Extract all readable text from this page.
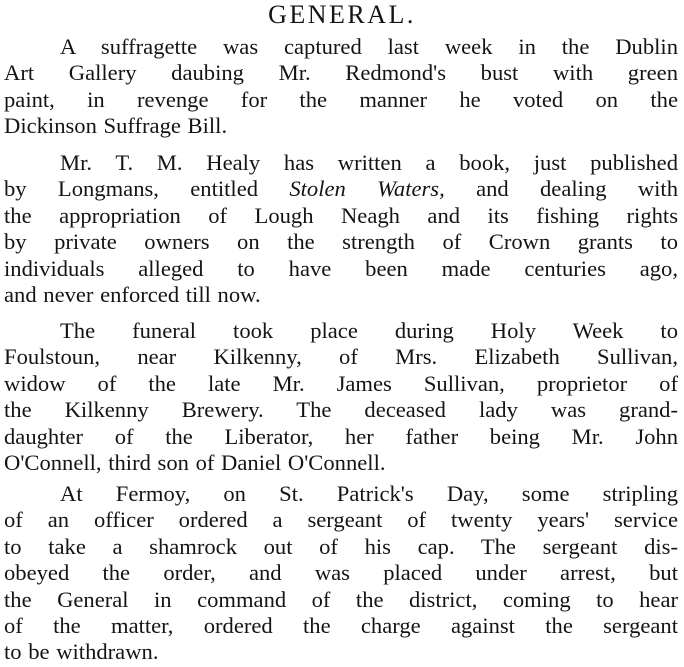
GENERAL.

A suffragette was captured last week in the Dublin
Art Gallery daubing Mr. Redmond's bust with green
paint, in revenge for the manner he voted on the
Dickinson Suffrage Bill.

Mr. T. M. Healy has written a book, just published
by Longmans, entitled Stolen Waters, and dealing with
the appropriation of Lough Neagh and its fishing rights
by private owners on the strength of Crown grants to
individuals alleged to have been made centuries ago,
and never enforced till now.

The funeral took place during Holy Week to
Foulstoun, near Kilkenny, of Mrs. Elizabeth Sullivan,
widow of the late Mr. James Sullivan, proprietor of
the Kilkenny Brewery. The deceased lady was grand-
daughter of the Liberator, her father being Mr. John
O'Connell, third son of Daniel O'Connell.

At Fermoy, on St. Patrick's Day, some stripling
of an officer ordered a sergeant of twenty years' service
to take a shamrock out of his cap. The sergeant dis-
obeyed the order, and was placed under arrest, but
the General in command of the district, coming to hear
of the matter, ordered the charge against the sergeant
to be withdrawn.
